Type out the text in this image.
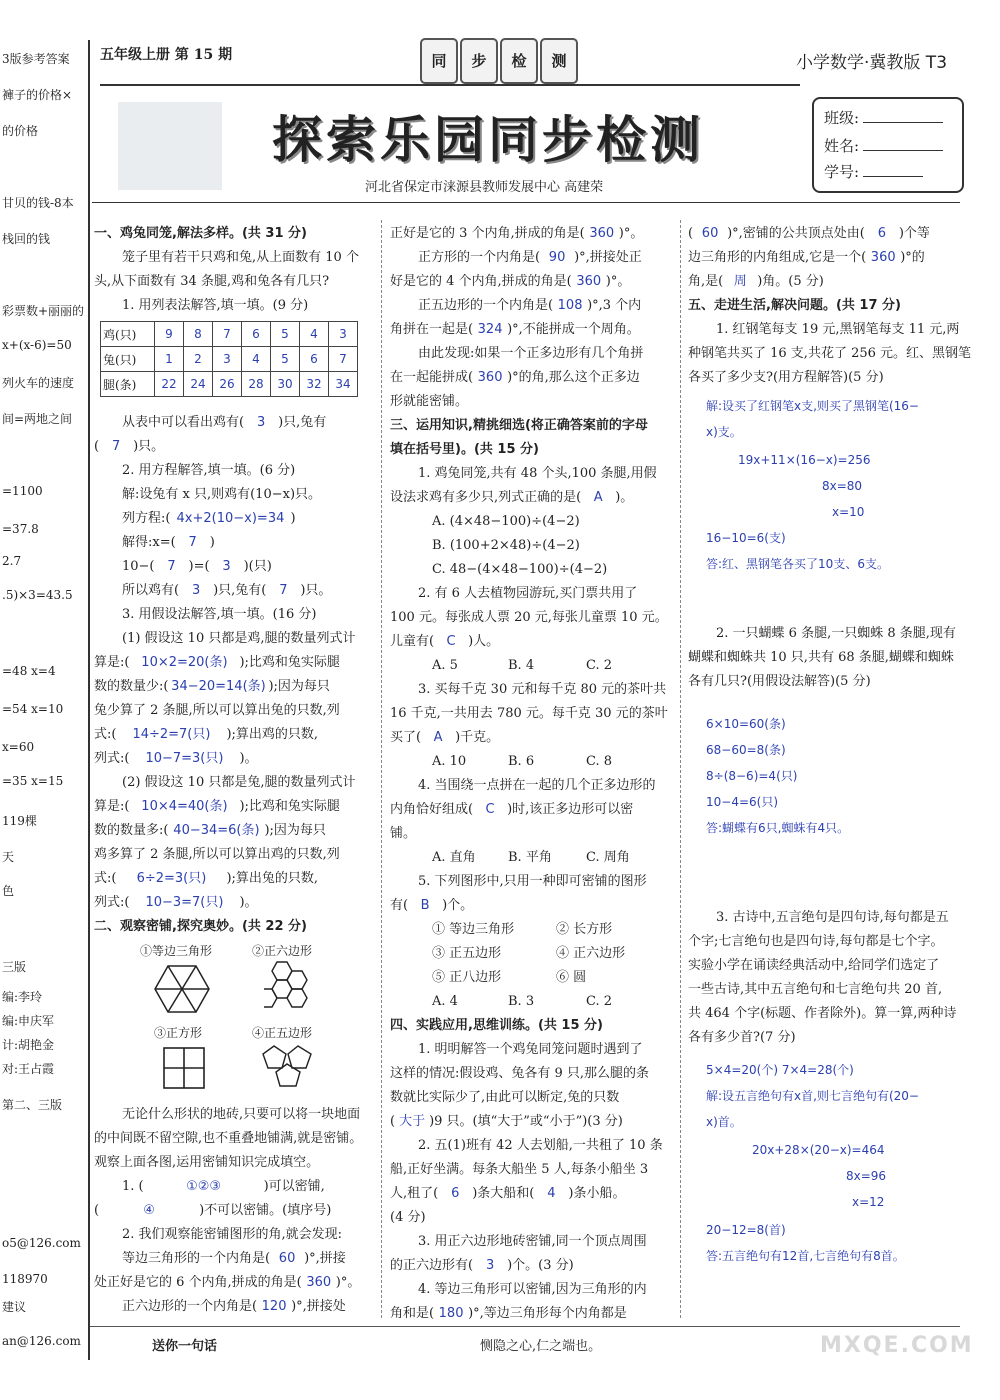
3版参考答案
褲子的价格×
的价格
甘贝的钱-8本
栈回的钱
彩票数+丽丽的
x+(x-6)=50
列火车的速度
间=两地之间
=1100
=37.8
2.7
.5)×3=43.5
=48 x=4
=54 x=10
x=60
=35 x=15
119棵
天
色
三版
编:李玲
编:申庆军
计:胡艳金
对:王占霞
第二、三版
o5@126.com
118970
建议
an@126.com
五年级上册 第 15 期	同	步	检	测	小学数学·冀教版 T3
探索乐园同步检测
河北省保定市涞源县教师发展中心 高建荣
班级:
姓名:
学号:
一、鸡兔同笼,解法多样。(共 31 分)
笼子里有若干只鸡和兔,从上面数有 10 个
头,从下面数有 34 条腿,鸡和兔各有几只?
1. 用列表法解答,填一填。(9 分)
鸡(只)	9	8	7	6	5	4	3
兔(只)	1	2	3	4	5	6	7
腿(条)	22	24	26	28	30	32	34
从表中可以看出鸡有( 3 )只,兔有
( 7 )只。
2. 用方程解答,填一填。(6 分)
解:设兔有 x 只,则鸡有(10−x)只。
列方程:( 4x+2(10−x)=34 )
解得:x=( 7 )
10−( 7 )=( 3 )(只)
所以鸡有( 3 )只,兔有( 7 )只。
3. 用假设法解答,填一填。(16 分)
(1) 假设这 10 只都是鸡,腿的数量列式计
算是:( 10×2=20(条) );比鸡和兔实际腿
数的数量少:( 34−20=14(条) );因为每只
兔少算了 2 条腿,所以可以算出兔的只数,列
式:( 14÷2=7(只) );算出鸡的只数,
列式:( 10−7=3(只) )。
(2) 假设这 10 只都是兔,腿的数量列式计
算是:( 10×4=40(条) );比鸡和兔实际腿
数的数量多:( 40−34=6(条) );因为每只
鸡多算了 2 条腿,所以可以算出鸡的只数,列
式:( 6÷2=3(只) );算出兔的只数,
列式:( 10−3=7(只) )。
二、观察密铺,探究奥妙。(共 22 分)
①等边三角形	②正六边形
③正方形	④正五边形
无论什么形状的地砖,只要可以将一块地面
的中间既不留空隙,也不重叠地铺满,就是密铺。
观察上面各图,运用密铺知识完成填空。
1. (	①②③	)可以密铺,
(	④	)不可以密铺。(填序号)
2. 我们观察能密铺图形的角,就会发现:
等边三角形的一个内角是( 60 )°,拼接
处正好是它的 6 个内角,拼成的角是( 360 )°。
正六边形的一个内角是( 120 )°,拼接处
正好是它的 3 个内角,拼成的角是( 360 )°。
正方形的一个内角是( 90 )°,拼接处正
好是它的 4 个内角,拼成的角是( 360 )°。
正五边形的一个内角是( 108 )°,3 个内
角拼在一起是( 324 )°,不能拼成一个周角。
由此发现:如果一个正多边形有几个角拼
在一起能拼成( 360 )°的角,那么这个正多边
形就能密铺。
三、运用知识,精挑细选(将正确答案前的字母
填在括号里)。(共 15 分)
1. 鸡兔同笼,共有 48 个头,100 条腿,用假
设法求鸡有多少只,列式正确的是( A )。
A. (4×48−100)÷(4−2)
B. (100+2×48)÷(4−2)
C. 48−(4×48−100)÷(4−2)
2. 有 6 人去植物园游玩,买门票共用了
100 元。每张成人票 20 元,每张儿童票 10 元。
儿童有( C )人。
A. 5	B. 4	C. 2
3. 买每千克 30 元和每千克 80 元的茶叶共
16 千克,一共用去 780 元。每千克 30 元的茶叶
买了( A )千克。
A. 10	B. 6	C. 8
4. 当围绕一点拼在一起的几个正多边形的
内角恰好组成( C )时,该正多边形可以密
铺。
A. 直角 B. 平角	C. 周角
5. 下列图形中,只用一种即可密铺的图形
有( B )个。
① 等边三角形	② 长方形
③ 正五边形	④ 正六边形
⑤ 正八边形	⑥ 圆
A. 4	B. 3	C. 2
四、实践应用,思维训练。(共 15 分)
1. 明明解答一个鸡兔同笼问题时遇到了
这样的情况:假设鸡、兔各有 9 只,那么腿的条
数就比实际少了,由此可以断定,兔的只数
( 大于 )9 只。(填“大于”或“小于”)(3 分)
2. 五(1)班有 42 人去划船,一共租了 10 条
船,正好坐满。每条大船坐 5 人,每条小船坐 3
人,租了( 6 )条大船和( 4 )条小船。
(4 分)
3. 用正六边形地砖密铺,同一个顶点周围
的正六边形有( 3 )个。(3 分)
4. 等边三角形可以密铺,因为三角形的内
角和是( 180 )°,等边三角形每个内角都是
( 60 )°,密铺的公共顶点处由( 6 )个等
边三角形的内角组成,它是一个( 360 )°的
角,是( 周 )角。(5 分)
五、走进生活,解决问题。(共 17 分)
1. 红钢笔每支 19 元,黑钢笔每支 11 元,两
种钢笔共买了 16 支,共花了 256 元。红、黑钢笔
各买了多少支?(用方程解答)(5 分)
解:设买了红钢笔x支,则买了黑钢笔(16−
x)支。
19x+11×(16−x)=256
8x=80
x=10
16−10=6(支)
答:红、黑钢笔各买了10支、6支。
2. 一只蝴蝶 6 条腿,一只蜘蛛 8 条腿,现有
蝴蝶和蜘蛛共 10 只,共有 68 条腿,蝴蝶和蜘蛛
各有几只?(用假设法解答)(5 分)
6×10=60(条)
68−60=8(条)
8÷(8−6)=4(只)
10−4=6(只)
答:蝴蝶有6只,蜘蛛有4只。
3. 古诗中,五言绝句是四句诗,每句都是五
个字;七言绝句也是四句诗,每句都是七个字。
实验小学在诵读经典活动中,给同学们选定了
一些古诗,其中五言绝句和七言绝句共 20 首,
共 464 个字(标题、作者除外)。算一算,两种诗
各有多少首?(7 分)
5×4=20(个) 7×4=28(个)
解:设五言绝句有x首,则七言绝句有(20−
x)首。
20x+28×(20−x)=464
8x=96
x=12
20−12=8(首)
答:五言绝句有12首,七言绝句有8首。
送你一句话	恻隐之心,仁之端也。	MXQE.COM
